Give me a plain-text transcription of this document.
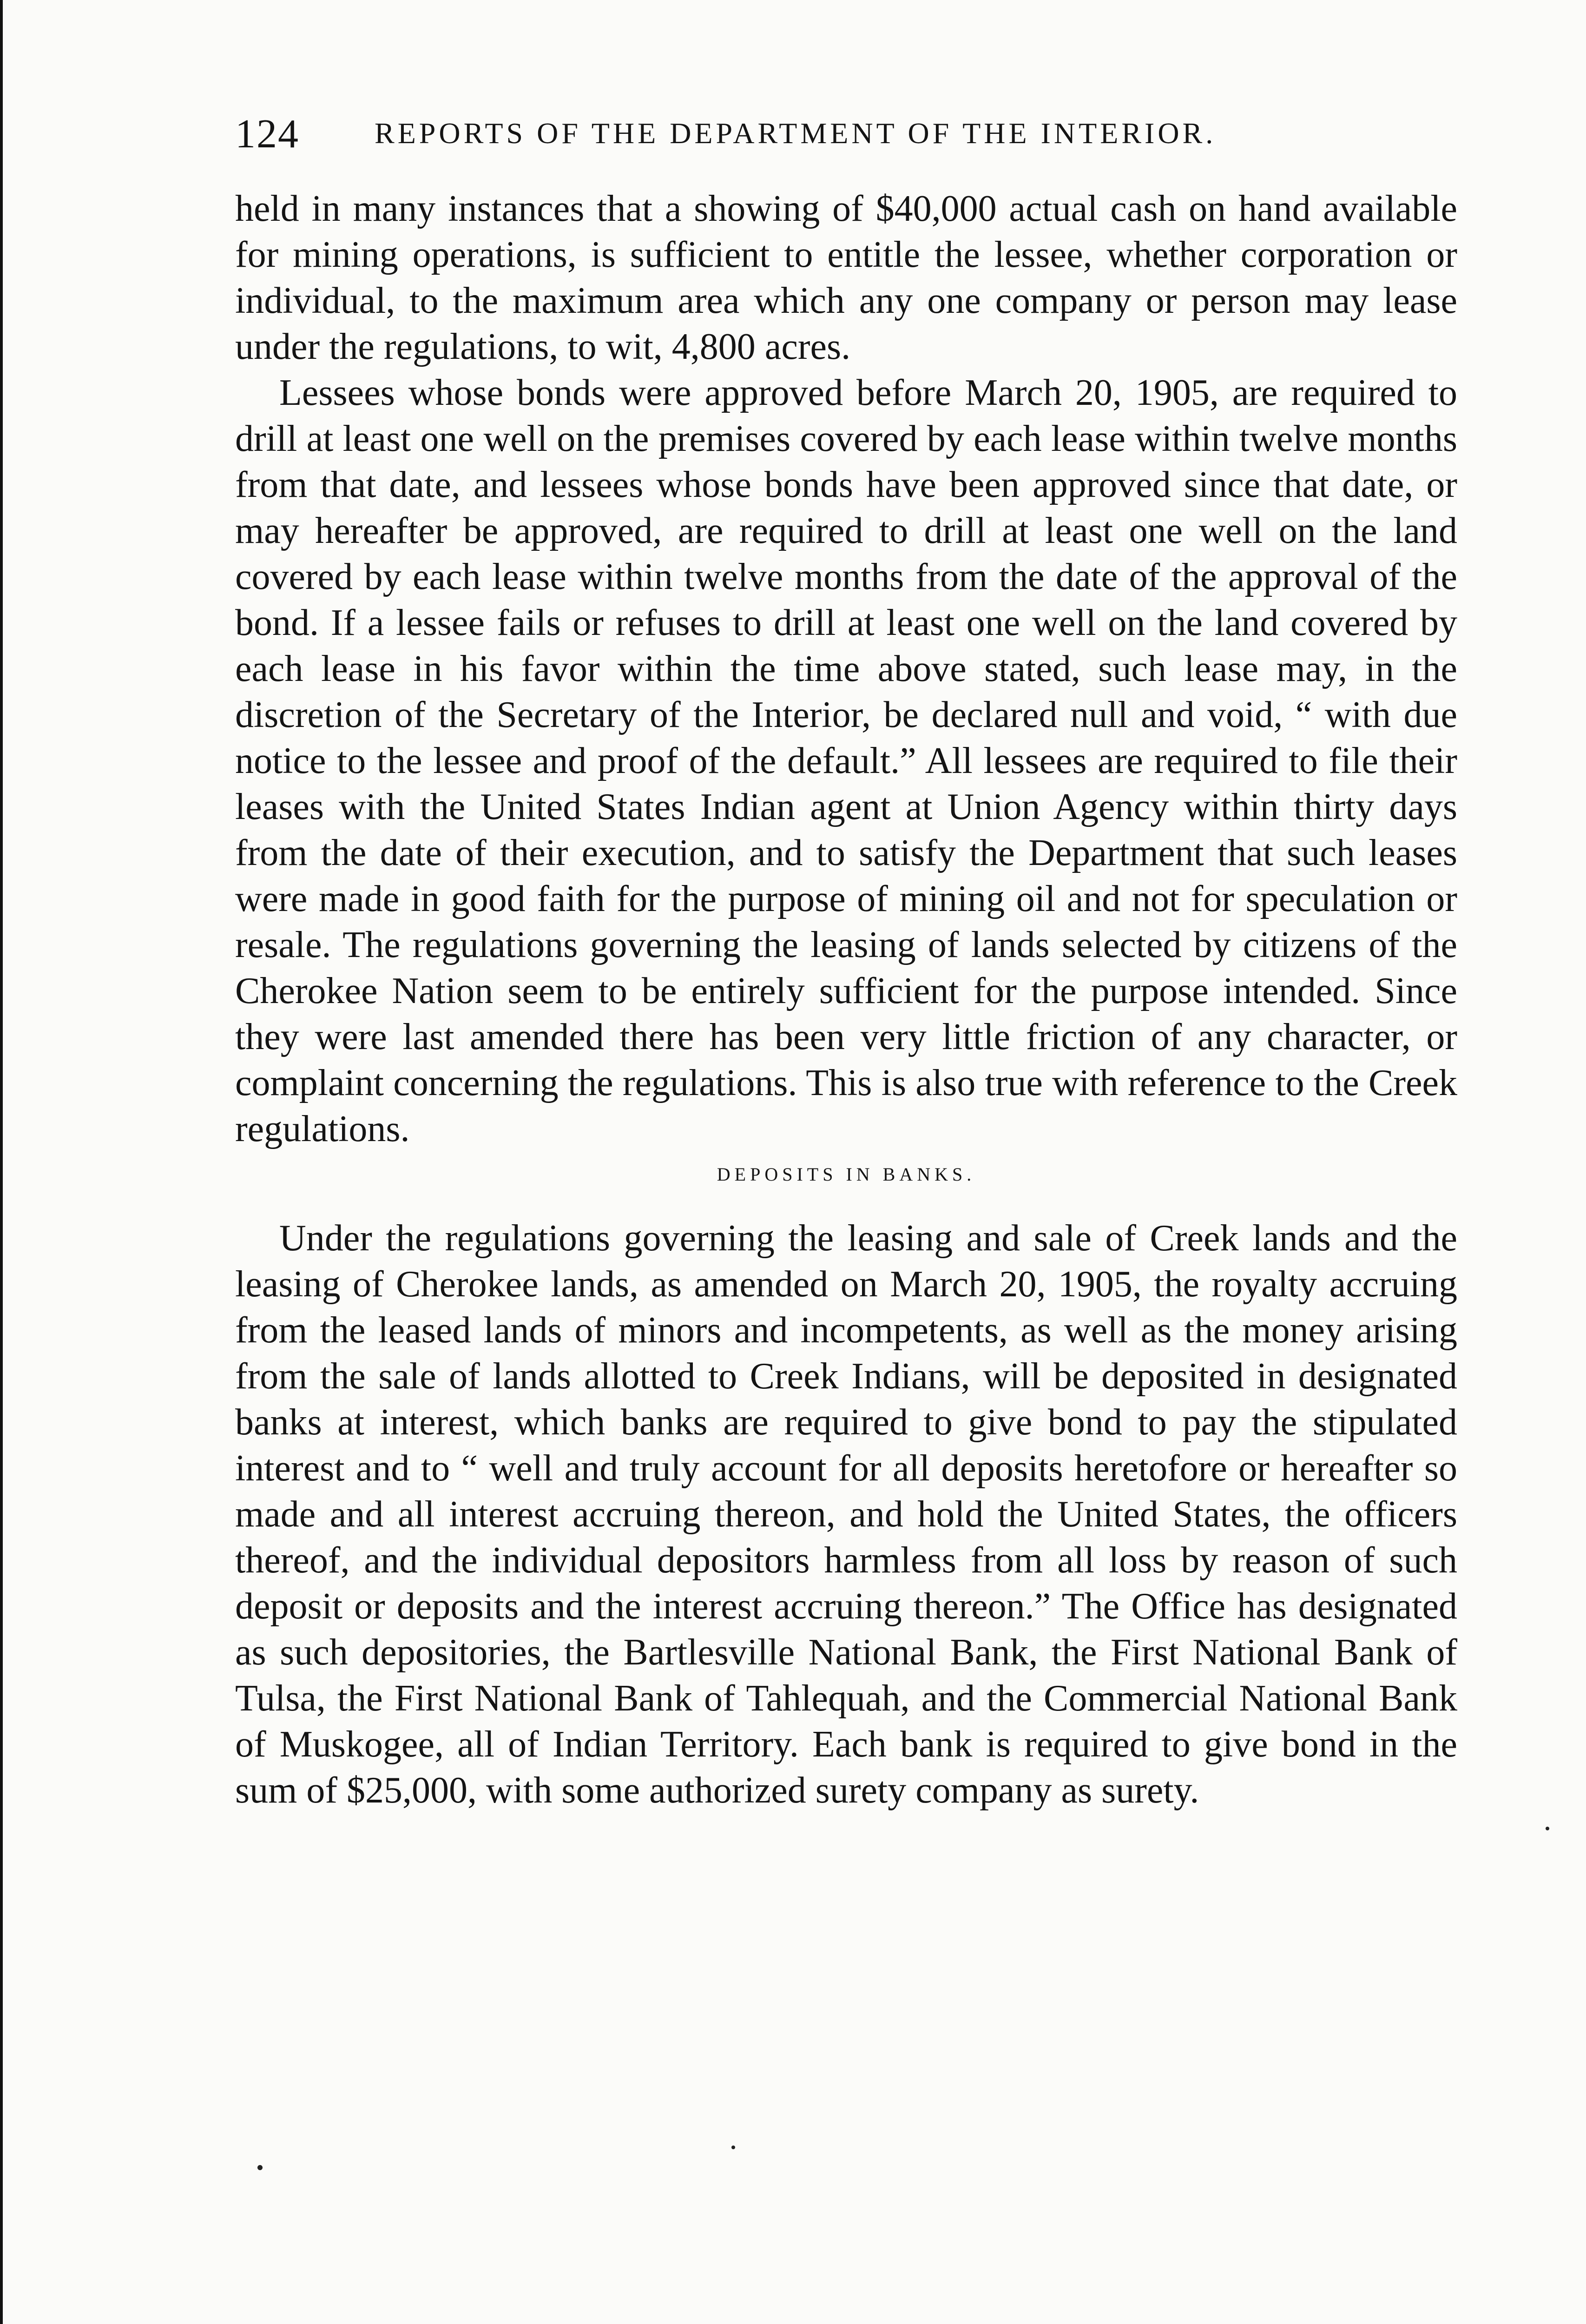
124	REPORTS OF THE DEPARTMENT OF THE INTERIOR.

held in many instances that a showing of $40,000 actual cash on hand available for mining operations, is sufficient to entitle the lessee, whether corporation or individual, to the maximum area which any one company or person may lease under the regulations, to wit, 4,800 acres.

Lessees whose bonds were approved before March 20, 1905, are required to drill at least one well on the premises covered by each lease within twelve months from that date, and lessees whose bonds have been approved since that date, or may hereafter be approved, are required to drill at least one well on the land covered by each lease within twelve months from the date of the approval of the bond. If a lessee fails or refuses to drill at least one well on the land covered by each lease in his favor within the time above stated, such lease may, in the discretion of the Secretary of the Interior, be declared null and void, “ with due notice to the lessee and proof of the default.” All lessees are required to file their leases with the United States Indian agent at Union Agency within thirty days from the date of their execution, and to satisfy the Department that such leases were made in good faith for the purpose of mining oil and not for speculation or resale. The regulations governing the leasing of lands selected by citizens of the Cherokee Nation seem to be entirely sufficient for the purpose intended. Since they were last amended there has been very little friction of any character, or complaint concerning the regulations. This is also true with reference to the Creek regulations.

DEPOSITS IN BANKS.

Under the regulations governing the leasing and sale of Creek lands and the leasing of Cherokee lands, as amended on March 20, 1905, the royalty accruing from the leased lands of minors and incompetents, as well as the money arising from the sale of lands allotted to Creek Indians, will be deposited in designated banks at interest, which banks are required to give bond to pay the stipulated interest and to “ well and truly account for all deposits heretofore or hereafter so made and all interest accruing thereon, and hold the United States, the officers thereof, and the individual depositors harmless from all loss by reason of such deposit or deposits and the interest accruing thereon.” The Office has designated as such depositories, the Bartlesville National Bank, the First National Bank of Tulsa, the First National Bank of Tahlequah, and the Commercial National Bank of Muskogee, all of Indian Territory. Each bank is required to give bond in the sum of $25,000, with some authorized surety company as surety.
